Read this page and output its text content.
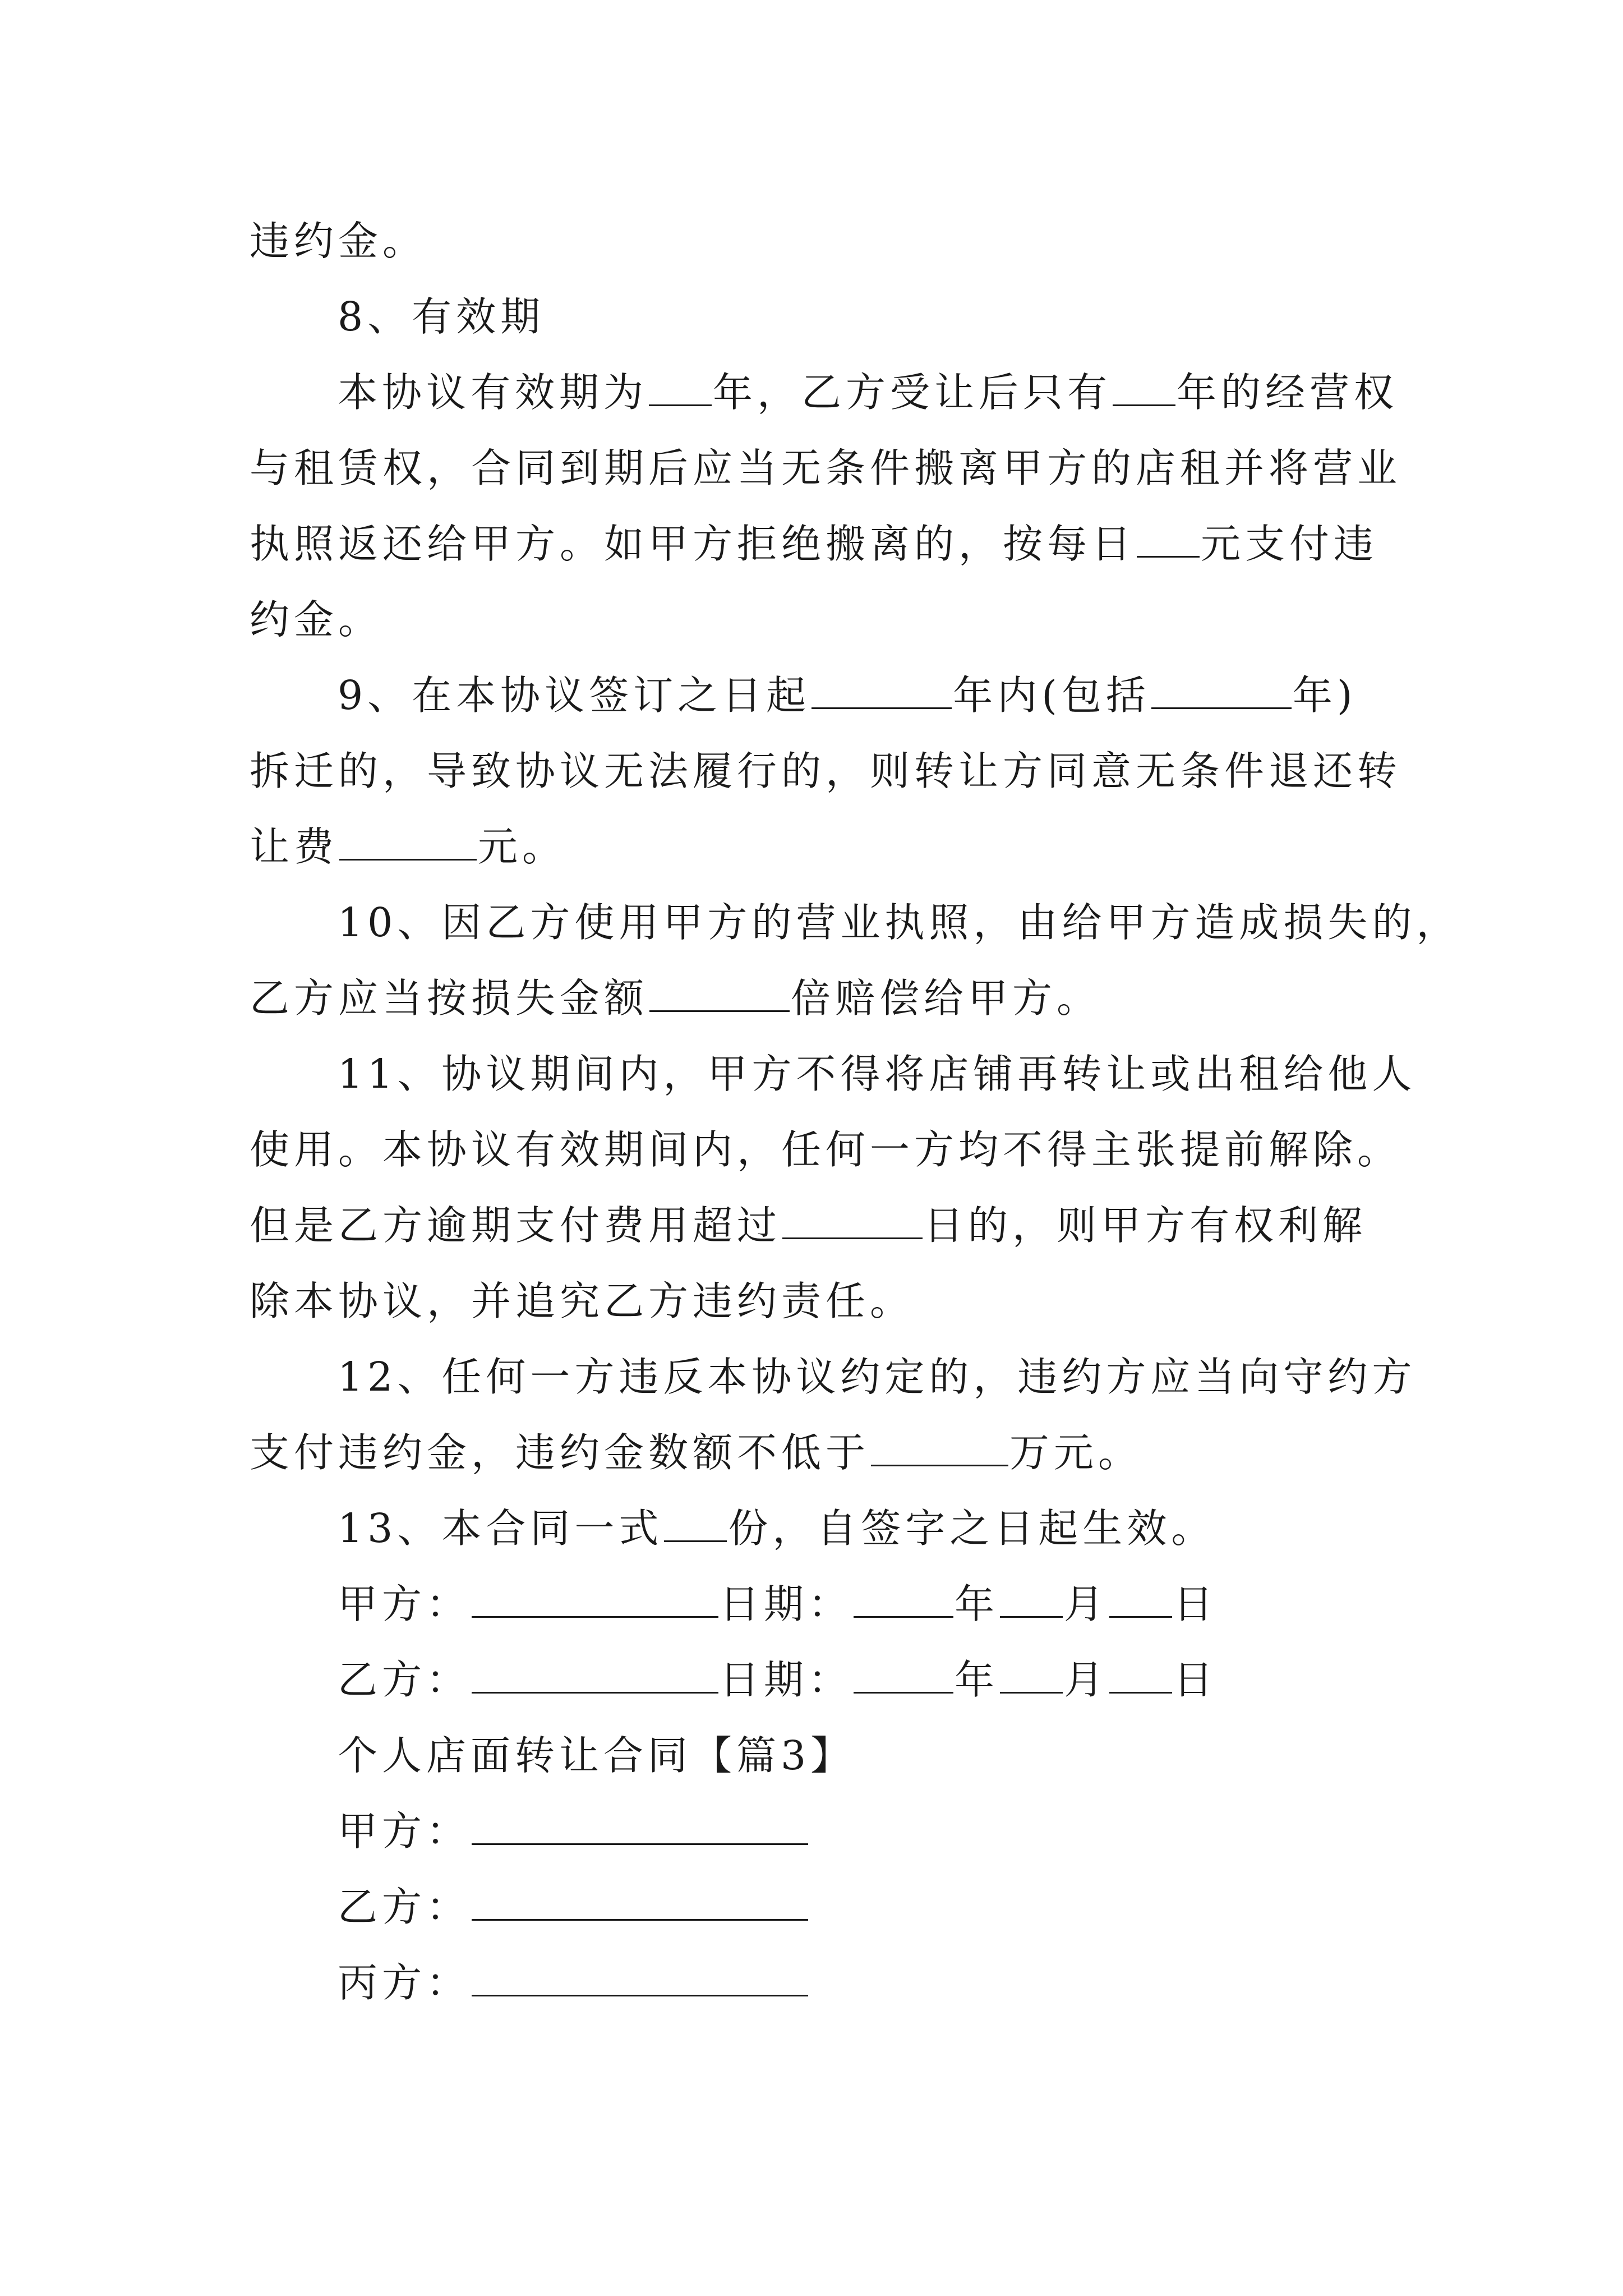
违约金。
8、有效期
本协议有效期为 年，乙方受让后只有 年的经营权
与租赁权，合同到期后应当无条件搬离甲方的店租并将营业
执照返还给甲方。如甲方拒绝搬离的，按每日 元支付违
约金。
9、在本协议签订之日起	年内(包括	年)
拆迁的，导致协议无法履行的，则转让方同意无条件退还转
让费	元。
10、因乙方使用甲方的营业执照，由给甲方造成损失的，
乙方应当按损失金额	倍赔偿给甲方。
11、协议期间内，甲方不得将店铺再转让或出租给他人
使用。本协议有效期间内，任何一方均不得主张提前解除。
但是乙方逾期支付费用超过	日的，则甲方有权利解
除本协议，并追究乙方违约责任。
12、任何一方违反本协议约定的，违约方应当向守约方
支付违约金，违约金数额不低于	万元。
13、本合同一式 份，自签字之日起生效。
甲方：	日期：	年 月 日
乙方：	日期：	年 月 日
个人店面转让合同【篇3】
甲方：
乙方：
丙方：
